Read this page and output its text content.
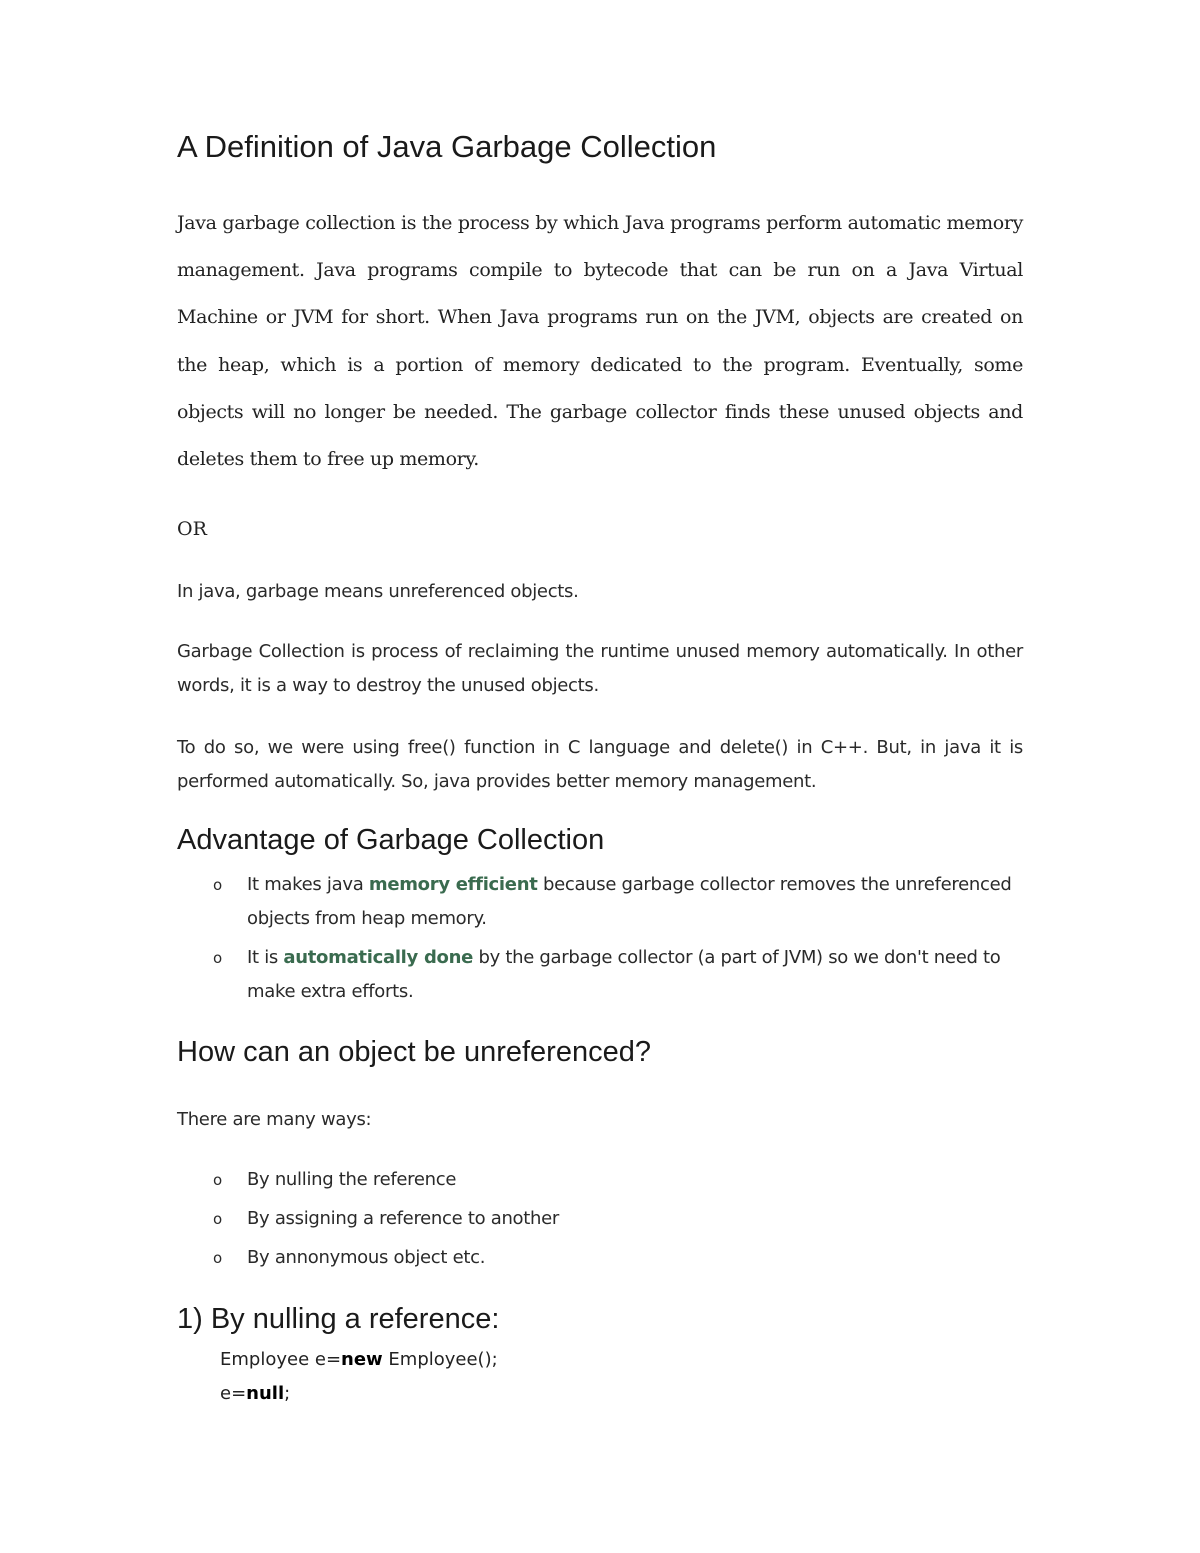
A Definition of Java Garbage Collection

Java garbage collection is the process by which Java programs perform automatic memory management. Java programs compile to bytecode that can be run on a Java Virtual Machine or JVM for short. When Java programs run on the JVM, objects are created on the heap, which is a portion of memory dedicated to the program. Eventually, some objects will no longer be needed. The garbage collector finds these unused objects and deletes them to free up memory.

OR

In java, garbage means unreferenced objects.

Garbage Collection is process of reclaiming the runtime unused memory automatically. In other words, it is a way to destroy the unused objects.

To do so, we were using free() function in C language and delete() in C++. But, in java it is performed automatically. So, java provides better memory management.

Advantage of Garbage Collection
o It makes java memory efficient because garbage collector removes the unreferenced objects from heap memory.
o It is automatically done by the garbage collector (a part of JVM) so we don't need to make extra efforts.
How can an object be unreferenced?

There are many ways:

o By nulling the reference
o By assigning a reference to another
o By annonymous object etc.
1) By nulling a reference:
Employee e=new Employee();
e=null;
